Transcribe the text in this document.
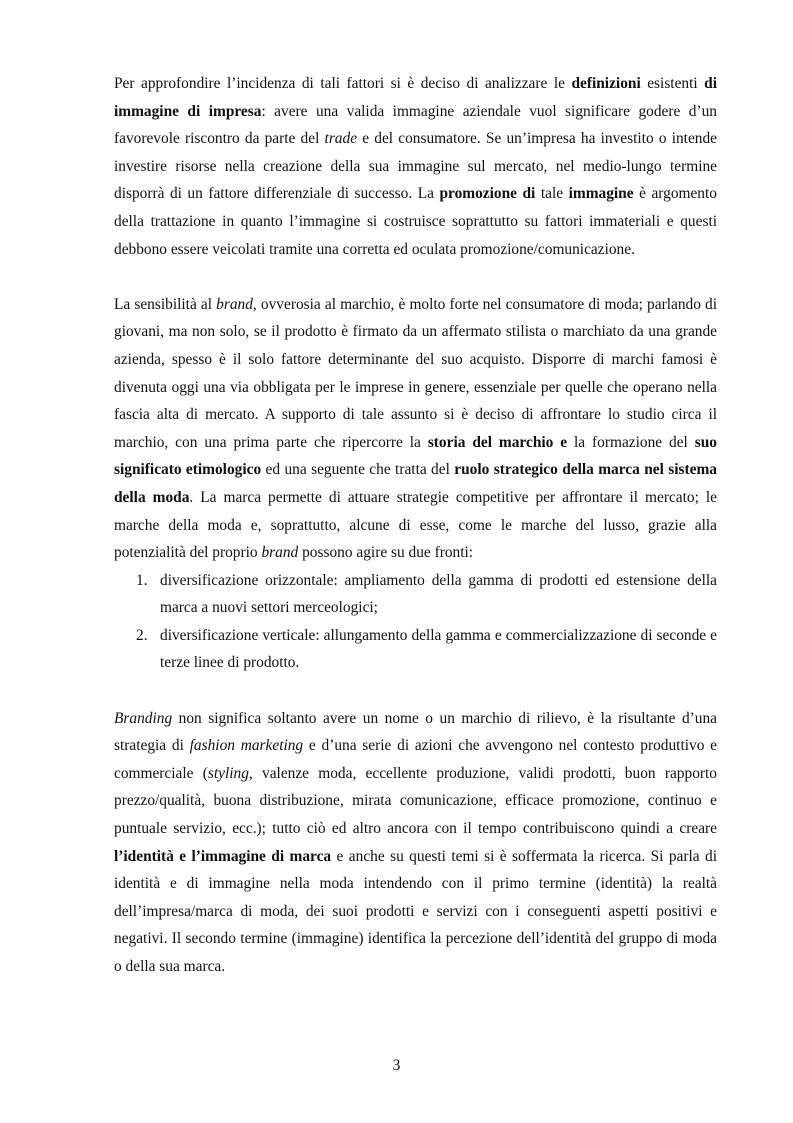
Per approfondire l’incidenza di tali fattori si è deciso di analizzare le definizioni esistenti di immagine di impresa: avere una valida immagine aziendale vuol significare godere d’un favorevole riscontro da parte del trade e del consumatore. Se un’impresa ha investito o intende investire risorse nella creazione della sua immagine sul mercato, nel medio-lungo termine disporrà di un fattore differenziale di successo. La promozione di tale immagine è argomento della trattazione in quanto l’immagine si costruisce soprattutto su fattori immateriali e questi debbono essere veicolati tramite una corretta ed oculata promozione/comunicazione.

La sensibilità al brand, ovverosia al marchio, è molto forte nel consumatore di moda; parlando di giovani, ma non solo, se il prodotto è firmato da un affermato stilista o marchiato da una grande azienda, spesso è il solo fattore determinante del suo acquisto. Disporre di marchi famosi è divenuta oggi una via obbligata per le imprese in genere, essenziale per quelle che operano nella fascia alta di mercato. A supporto di tale assunto si è deciso di affrontare lo studio circa il marchio, con una prima parte che ripercorre la storia del marchio e la formazione del suo significato etimologico ed una seguente che tratta del ruolo strategico della marca nel sistema della moda. La marca permette di attuare strategie competitive per affrontare il mercato; le marche della moda e, soprattutto, alcune di esse, come le marche del lusso, grazie alla potenzialità del proprio brand possono agire su due fronti:

1. diversificazione orizzontale: ampliamento della gamma di prodotti ed estensione della marca a nuovi settori merceologici;
2. diversificazione verticale: allungamento della gamma e commercializzazione di seconde e terze linee di prodotto.

Branding non significa soltanto avere un nome o un marchio di rilievo, è la risultante d’una strategia di fashion marketing e d’una serie di azioni che avvengono nel contesto produttivo e commerciale (styling, valenze moda, eccellente produzione, validi prodotti, buon rapporto prezzo/qualità, buona distribuzione, mirata comunicazione, efficace promozione, continuo e puntuale servizio, ecc.); tutto ciò ed altro ancora con il tempo contribuiscono quindi a creare l’identità e l’immagine di marca e anche su questi temi si è soffermata la ricerca. Si parla di identità e di immagine nella moda intendendo con il primo termine (identità) la realtà dell’impresa/marca di moda, dei suoi prodotti e servizi con i conseguenti aspetti positivi e negativi. Il secondo termine (immagine) identifica la percezione dell’identità del gruppo di moda o della sua marca.

3
